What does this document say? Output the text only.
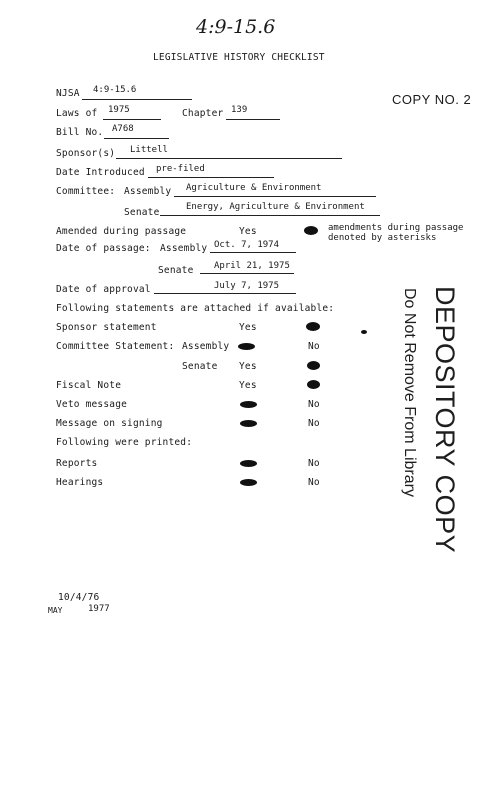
4:9-15.6
LEGISLATIVE HISTORY CHECKLIST
COPY NO. 2
NJSA 4:9-15.6
Laws of 1975	Chapter 139
Bill No. A768
Sponsor(s) Littell
Date Introduced pre-filed
Committee: Assembly Agriculture & Environment
Senate	Energy, Agriculture & Environment
Amended during passage	Yes	amendments during passage
denoted by asterisks
Date of passage: Assembly Oct. 7, 1974
Senate April 21, 1975
Date of approval	July 7, 1975
Following statements are attached if available:
Sponsor statement	Yes
Committee Statement: Assembly	No
Senate Yes
Fiscal Note	Yes
Veto message	No
Message on signing	No
Following were printed:
Reports	No
Hearings	No	DEPOSITORY COPY
Do Not Remove From Library
10/4/76
MAY	1977
